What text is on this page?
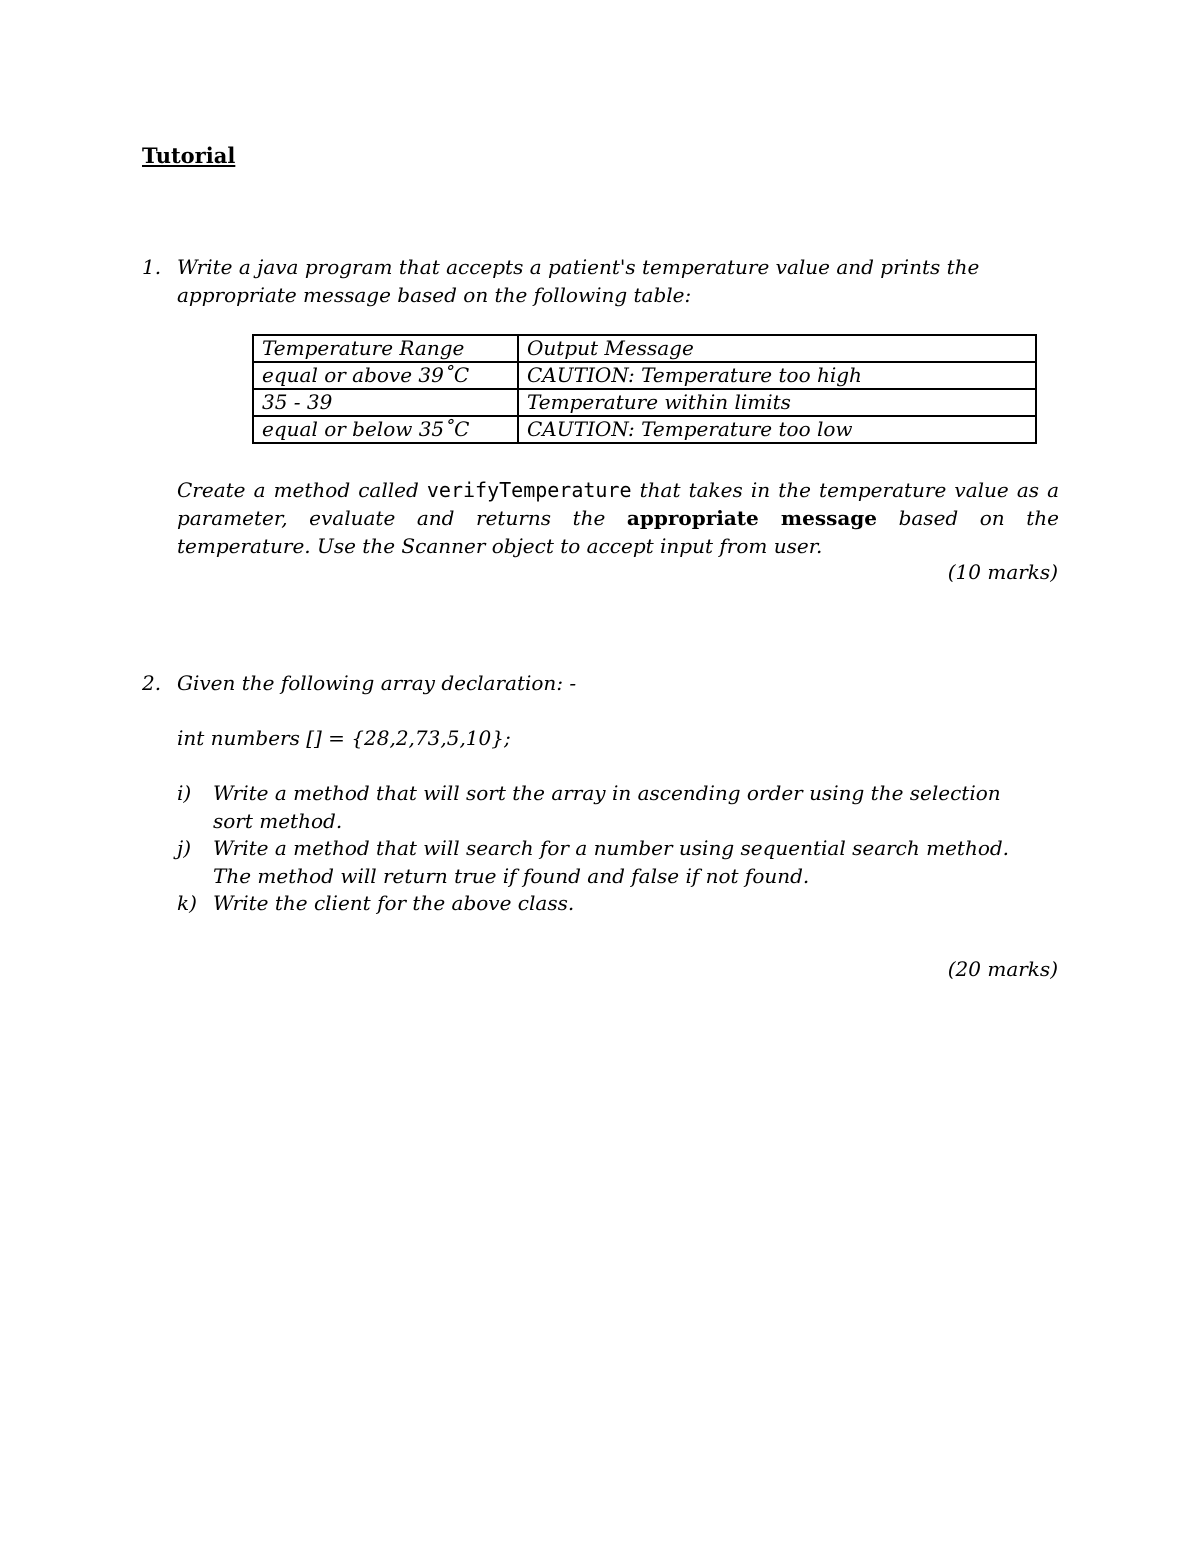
Tutorial
1. Write a java program that accepts a patient's temperature value and prints the appropriate message based on the following table:
Temperature Range	Output Message
equal or above 39˚C	CAUTION: Temperature too high
35 - 39	Temperature within limits
equal or below 35˚C	CAUTION: Temperature too low
Create a method called verifyTemperature that takes in the temperature value as a parameter, evaluate and returns the appropriate message based on the temperature. Use the Scanner object to accept input from user.
(10 marks)
2. Given the following array declaration: -
int numbers [] = {28,2,73,5,10};
i) Write a method that will sort the array in ascending order using the selection sort method.
j) Write a method that will search for a number using sequential search method. The method will return true if found and false if not found.
k) Write the client for the above class.
(20 marks)
